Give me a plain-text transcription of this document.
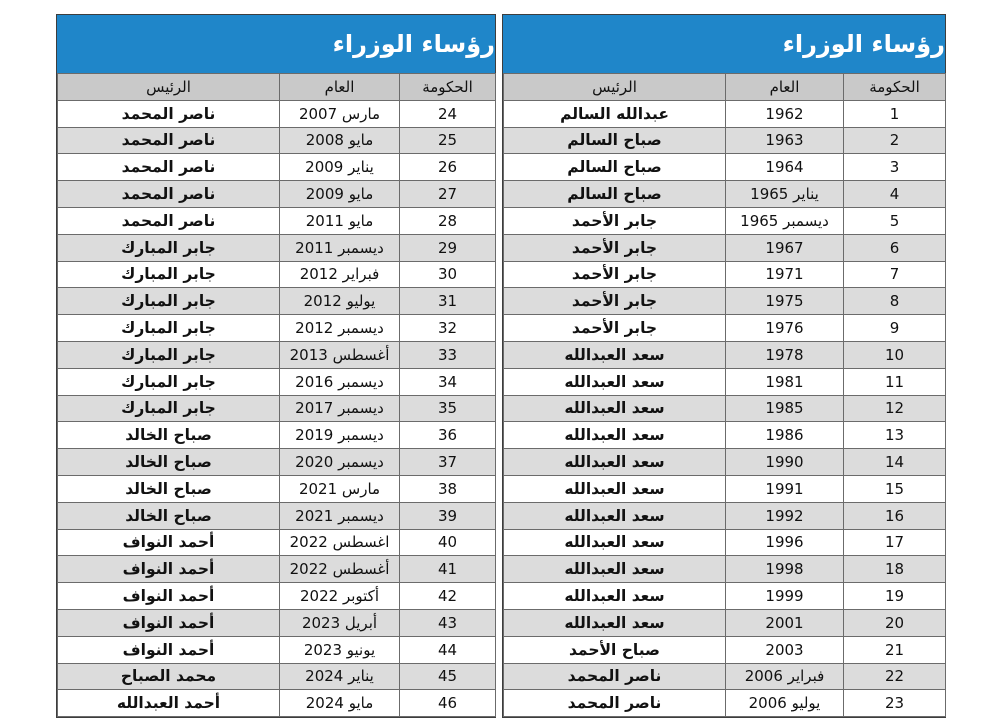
رؤساء الوزراء
الرئيس	العام	الحكومة
ناصر المحمد	مارس 2007	24
ناصر المحمد	مايو 2008	25
ناصر المحمد	يناير 2009	26
ناصر المحمد	مايو 2009	27
ناصر المحمد	مايو 2011	28
جابر المبارك	ديسمبر 2011	29
جابر المبارك	فبراير 2012	30
جابر المبارك	يوليو 2012	31
جابر المبارك	ديسمبر 2012	32
جابر المبارك	أغسطس 2013	33
جابر المبارك	ديسمبر 2016	34
جابر المبارك	ديسمبر 2017	35
صباح الخالد	ديسمبر 2019	36
صباح الخالد	ديسمبر 2020	37
صباح الخالد	مارس 2021	38
صباح الخالد	ديسمبر 2021	39
أحمد النواف	اغسطس 2022	40
أحمد النواف	أغسطس 2022	41
أحمد النواف	أكتوبر 2022	42
أحمد النواف	أبريل 2023	43
أحمد النواف	يونيو 2023	44
محمد الصباح	يناير 2024	45
أحمد العبدالله	مايو 2024	46
رؤساء الوزراء
الرئيس	العام	الحكومة
عبدالله السالم	1962	1
صباح السالم	1963	2
صباح السالم	1964	3
صباح السالم	يناير 1965	4
جابر الأحمد	ديسمبر 1965	5
جابر الأحمد	1967	6
جابر الأحمد	1971	7
جابر الأحمد	1975	8
جابر الأحمد	1976	9
سعد العبدالله	1978	10
سعد العبدالله	1981	11
سعد العبدالله	1985	12
سعد العبدالله	1986	13
سعد العبدالله	1990	14
سعد العبدالله	1991	15
سعد العبدالله	1992	16
سعد العبدالله	1996	17
سعد العبدالله	1998	18
سعد العبدالله	1999	19
سعد العبدالله	2001	20
صباح الأحمد	2003	21
ناصر المحمد	فبراير 2006	22
ناصر المحمد	يوليو 2006	23
